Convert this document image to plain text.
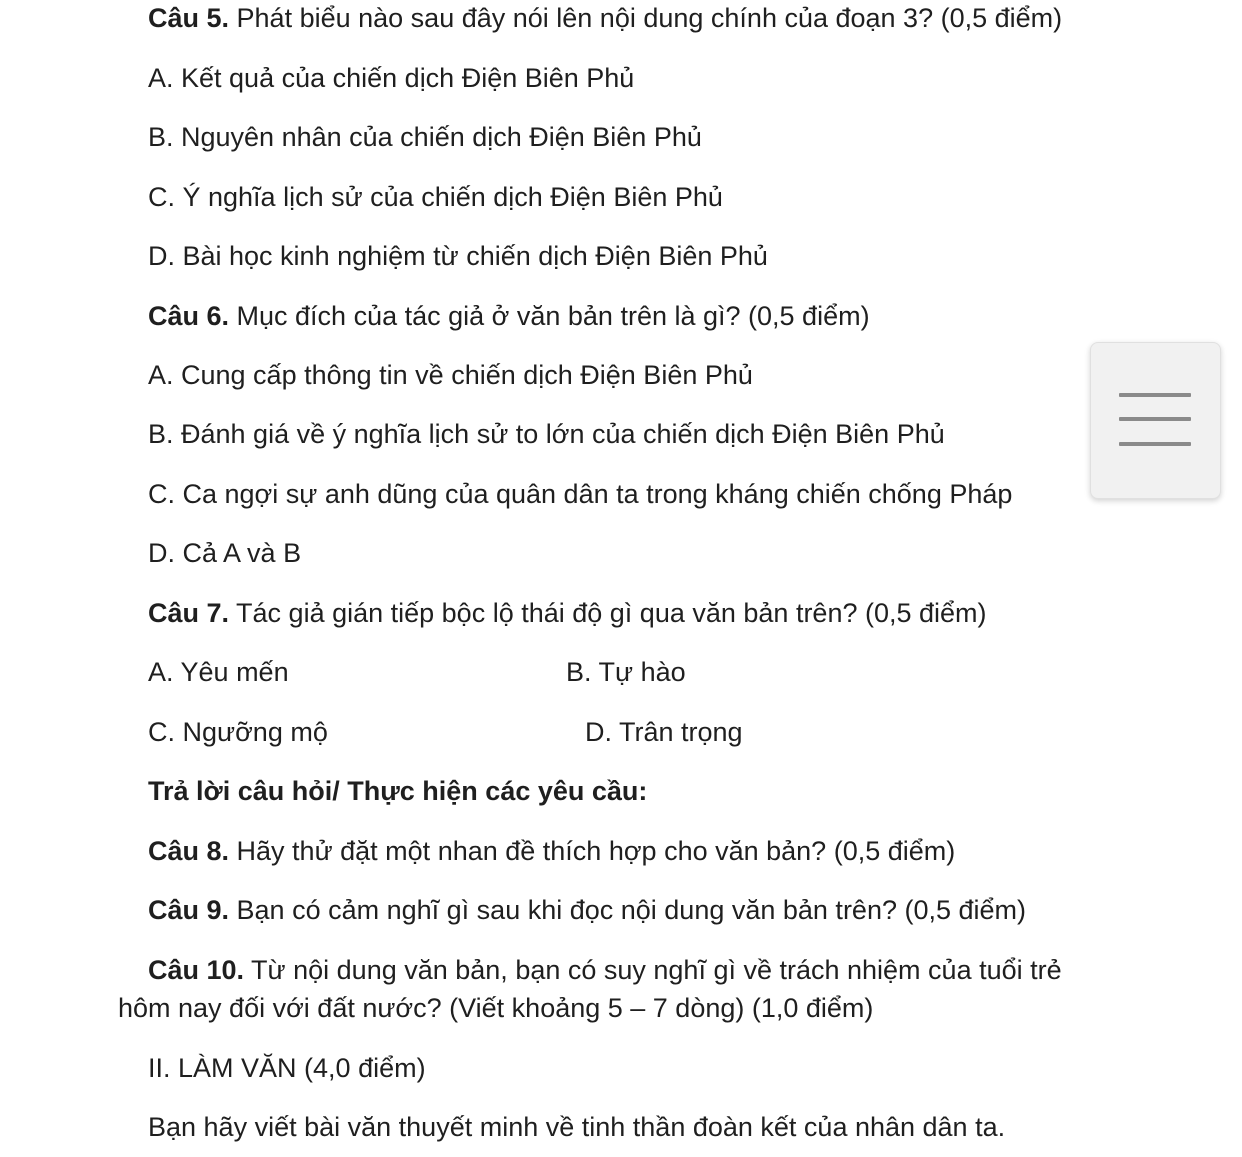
Câu 5. Phát biểu nào sau đây nói lên nội dung chính của đoạn 3? (0,5 điểm)
A. Kết quả của chiến dịch Điện Biên Phủ
B. Nguyên nhân của chiến dịch Điện Biên Phủ
C. Ý nghĩa lịch sử của chiến dịch Điện Biên Phủ
D. Bài học kinh nghiệm từ chiến dịch Điện Biên Phủ
Câu 6. Mục đích của tác giả ở văn bản trên là gì? (0,5 điểm)
A. Cung cấp thông tin về chiến dịch Điện Biên Phủ
B. Đánh giá về ý nghĩa lịch sử to lớn của chiến dịch Điện Biên Phủ
C. Ca ngợi sự anh dũng của quân dân ta trong kháng chiến chống Pháp
D. Cả A và B
Câu 7. Tác giả gián tiếp bộc lộ thái độ gì qua văn bản trên? (0,5 điểm)
A. Yêu mến	B. Tự hào
C. Ngưỡng mộ	D. Trân trọng
Trả lời câu hỏi/ Thực hiện các yêu cầu:
Câu 8. Hãy thử đặt một nhan đề thích hợp cho văn bản? (0,5 điểm)
Câu 9. Bạn có cảm nghĩ gì sau khi đọc nội dung văn bản trên? (0,5 điểm)
Câu 10. Từ nội dung văn bản, bạn có suy nghĩ gì về trách nhiệm của tuổi trẻ
hôm nay đối với đất nước? (Viết khoảng 5 – 7 dòng) (1,0 điểm)
II. LÀM VĂN (4,0 điểm)
Bạn hãy viết bài văn thuyết minh về tinh thần đoàn kết của nhân dân ta.
